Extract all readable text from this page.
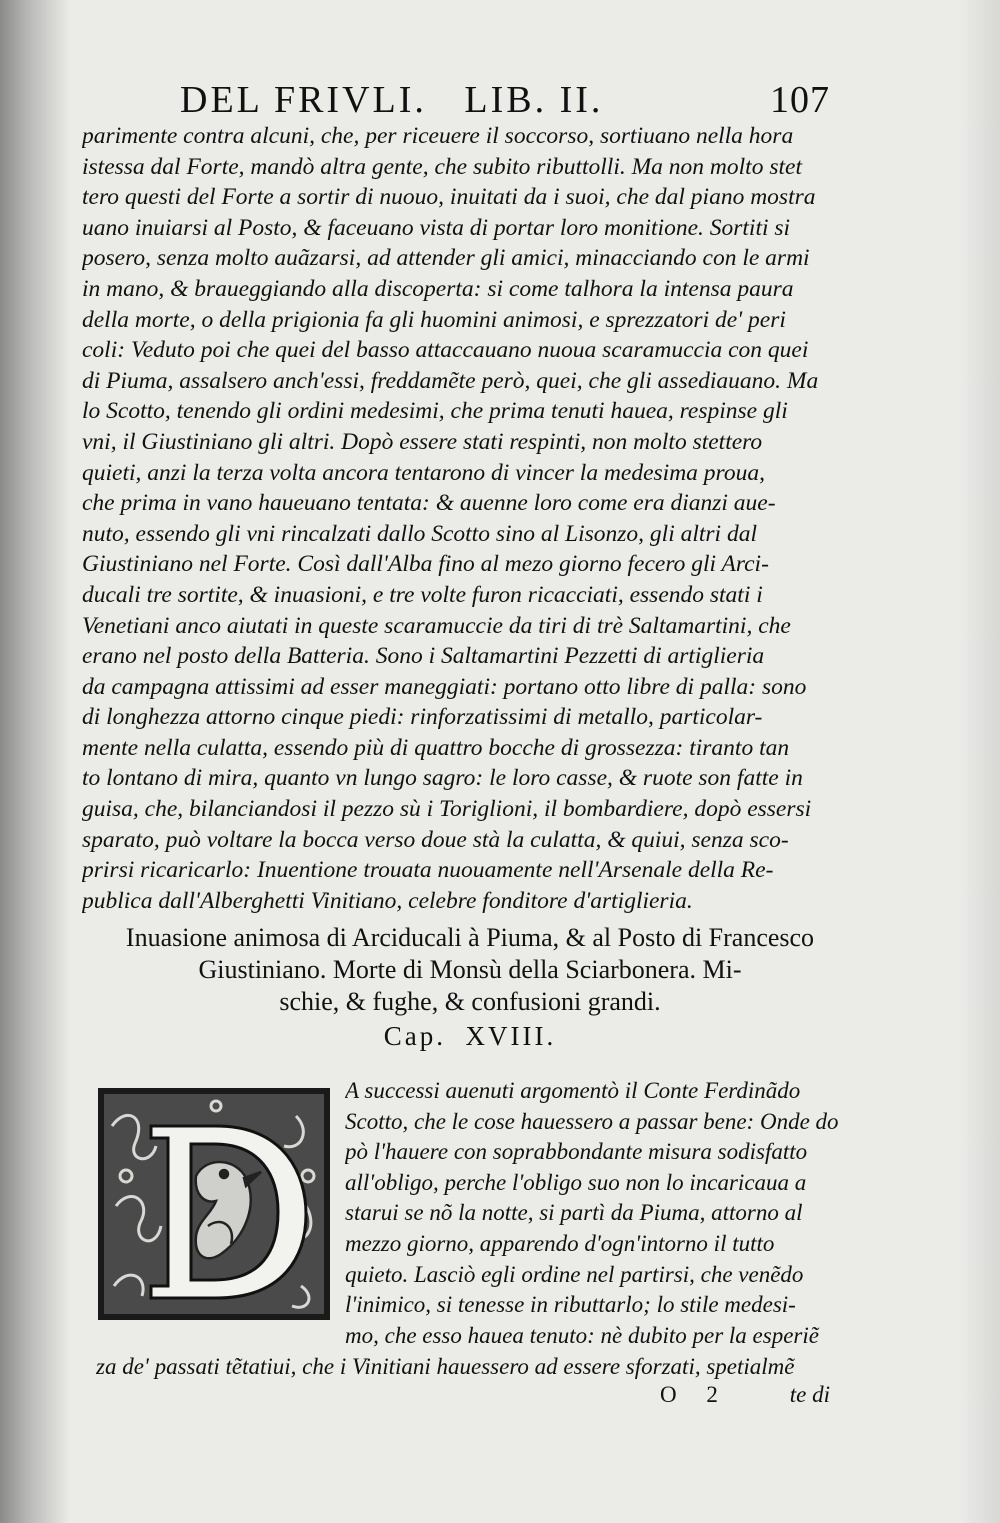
DEL FRIVLI.   LIB. II.	107
parimente contra alcuni, che, per riceuere il soccorso, sortiuano nella hora
istessa dal Forte, mandò altra gente, che subito ributtolli. Ma non molto stet
tero questi del Forte a sortir di nuouo, inuitati da i suoi, che dal piano mostra
uano inuiarsi al Posto, & faceuano vista di portar loro monitione. Sortiti si
posero, senza molto auãzarsi, ad attender gli amici, minacciando con le armi
in mano, & braueggiando alla discoperta: si come talhora la intensa paura
della morte, o della prigionia fa gli huomini animosi, e sprezzatori de' peri
coli: Veduto poi che quei del basso attaccauano nuoua scaramuccia con quei
di Piuma, assalsero anch'essi, freddamẽte però, quei, che gli assediauano. Ma
lo Scotto, tenendo gli ordini medesimi, che prima tenuti hauea, respinse gli
vni, il Giustiniano gli altri. Dopò essere stati respinti, non molto stettero
quieti, anzi la terza volta ancora tentarono di vincer la medesima proua,
che prima in vano haueuano tentata: & auenne loro come era dianzi aue-
nuto, essendo gli vni rincalzati dallo Scotto sino al Lisonzo, gli altri dal
Giustiniano nel Forte. Così dall'Alba fino al mezo giorno fecero gli Arci-
ducali tre sortite, & inuasioni, e tre volte furon ricacciati, essendo stati i
Venetiani anco aiutati in queste scaramuccie da tiri di trè Saltamartini, che
erano nel posto della Batteria. Sono i Saltamartini Pezzetti di artiglieria
da campagna attissimi ad esser maneggiati: portano otto libre di palla: sono
di longhezza attorno cinque piedi: rinforzatissimi di metallo, particolar-
mente nella culatta, essendo più di quattro bocche di grossezza: tiranto tan
to lontano di mira, quanto vn lungo sagro: le loro casse, & ruote son fatte in
guisa, che, bilanciandosi il pezzo sù i Toriglioni, il bombardiere, dopò essersi
sparato, può voltare la bocca verso doue stà la culatta, & quiui, senza sco-
prirsi ricaricarlo: Inuentione trouata nuouamente nell'Arsenale della Re-
publica dall'Alberghetti Vinitiano, celebre fonditore d'artiglieria.
Inuasione animosa di Arciducali à Piuma, & al Posto di Francesco
Giustiniano. Morte di Monsù della Sciarbonera. Mi-
schie, & fughe, & confusioni grandi.
Cap.  XVIII.
A successi auenuti argomentò il Conte Ferdinãdo
Scotto, che le cose hauessero a passar bene: Onde do
pò l'hauere con soprabbondante misura sodisfatto
all'obligo, perche l'obligo suo non lo incaricaua a
starui se nõ la notte, si partì da Piuma, attorno al
mezzo giorno, apparendo d'ogn'intorno il tutto
quieto. Lasciò egli ordine nel partirsi, che venẽdo
l'inimico, si tenesse in ributtarlo; lo stile medesi-
mo, che esso hauea tenuto: nè dubito per la esperiẽ
za de' passati tẽtatiui, che i Vinitiani hauessero ad essere sforzati, spetialmẽ
O 2	te di
